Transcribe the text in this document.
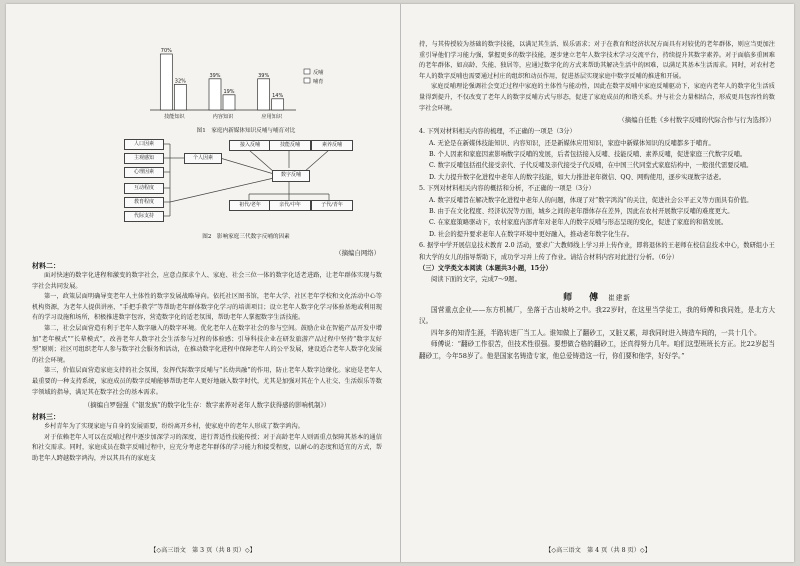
70%
32%
技能知识
39%
19%
内容知识
39%
14%
应用知识
反哺
哺育
图1　家庭内新媒体知识反哺与哺育对比
人口因素
主观感知
心理因素
互动程度
教育程度
代际支持
个人因素
接入反哺	技能反哺	素养反哺
数字反哺
祖代/老年	亲代/中年	子代/青年
图2　影响家庭三代数字反哺的因素
（摘编自网络）

材料二：

面对快速的数字化进程和激变的数字社会，应意点探求个人、家庭、社会三位一体的数字化适老进路，让老年群体实现与数字社会共同发展。

第一，政策层面明确导变老年人主体性的数字发展战略导向。依托社区图书馆，老年大学、社区老年学校和文化活动中心等机构资源，为老年人提供讲座、“手把手教学”等帮助老年群体数字化学习的培训项目；设立老年人数字化学习体验基地或利用现有的学习设施和场所，积极推进数字包容，营造数字化的适老氛围，帮助老年人掌握数字生活技能。

第二，社会层面营造有利于老年人数字融入的数字环境。优化老年人在数字社会的参与空间。鼓励企业在智能产品开发中增加“老年模式”“长辈模式”，改善老年人数字社会生活参与过程的体验感；引导科技企业在研发旅游产品过程中坚持“数字友好型”原则；社区可组织老年人参与数字社会服务和活动，在推动数字化进程中保障老年人的公平发展，建设适合老年人数字化发展的社会环境。

第三，价值层面营造家庭支持的社会氛围，发挥代际数字反哺与“长幼共融”的作用，防止老年人数字边缘化。家庭是老年人最重要的一种支持系统，家庭成员的数字反哺能够帮助老年人更好地融入数字时代，尤其是加强对其在个人社交、生活娱乐等数字领域的指导，满足其在数字社会的基本需求。

（摘编自罗强强《“银发族”的数字化生存：数字素养对老年人数字获得感的影响机制》）

材料三：

乡村青年为了实现家庭与自身的发展需要，纷纷离开乡村，使家庭中的老年人形成了数字鸿沟。

对于依赖老年人可以在反哺过程中逐步加深学习的深度，进行普适性技能传授；对于高龄老年人则需重点保障其基本的通信和社交需求。同时，家庭成员在数字反哺过程中，应充分考虑老年群体的学习能力和接受程度，以耐心的态度和适宜的方式，帮助老年人跨越数字鸿沟，并以其具有的家庭支

【◇高三语文　第 3 页（共 8 页）◇】

持，与其传授较为基础的数字技能，以满足其生活、娱乐需求；对于在教育和经济状况方面具有对较优的老年群体，则应当更加注重引导他们学习能力强，掌握更多的数字技能，逐步建立老年人数字技术学习交流平台，持续提升其数字素养。对于面临多重困难的老年群体，如高龄、失能、独居等，应通过数字化的方式来帮助其解决生活中的困难，以满足其基本生活需求。同时，对农村老年人的数字反哺也需要通过村庄的组织和动员作用，促进基层实现家庭中数字反哺的推进和开展。

家庭反哺理论强调社会变迁过程中家庭的主体性与能动性，因此在数字反哺中家庭反哺驱动下，家庭内老年人的数字化生活质量得到提升，不仅改变了老年人的数字反哺方式与形态，促进了家庭成员的和谐关系。并与社会力量相结合，形成更具包容性的数字社会环境。

（摘编自任胜《乡村数字反哺的代际合作与行为选择》）

4. 下列对材料相关内容的梳理，不正确的一项是（3分）

A. 无论是在新媒体技能知识、内容知识，还是新媒体应用知识，家庭中新媒体知识的反哺都多于哺育。

B. 个人因素和家庭因素影响数字反哺的发展，后者包括接入反哺、技能反哺、素养反哺，促进家庭三代数字反哺。

C. 数字反哺包括祖代接受亲代、子代反哺及亲代接受子代反哺，在中国三代同堂式家庭结构中，一般很代需要反哺。

D. 大力提升数字化进程中老年人的数字技能，如大力推进老年微信、QQ、网购使用，逐步实现数字适老。

5. 下列对材料相关内容的概括和分析，不正确的一项是（3分）

A. 数字反哺旨在解决数字化进程中老年人的问题，体现了对“数字鸿沟”的关注，促进社会公平正义等方面具有价值。

B. 由于在文化程度、经济状况等方面，城乡之间的老年群体存在差异，因此在农村开展数字反哺的难度更大。

C. 在家庭策略驱动下，农村家庭内部青年对老年人的数字反哺与形态呈现的变化，促进了家庭的和谐发展。

D. 社会的提升要求老年人在数字环境中更好融入，推动老年数字化生存。

6. 据学中学开展信息技术教育 2.0 活动，要求广大教师线上学习并上传作业，即将退休的王老师在校信息技术中心，数研组小王和大学的女儿的指导帮助下，成功学习并上传了作业。请结合材料内容对此进行分析。（6分）

（三）文学类文本阅读（本题共3小题，15分）

阅读下面的文字，完成7～9题。

师　傅 崔建新

国营重点企业——东方机械厂，坐落于古山坡岭之中。我22岁时，在这里当学徒工，我的师傅和我同姓，是北方大汉。

四年多的知青生涯，半路转进厂当工人。谁知做上了翻砂工，又脏又累，却我同时进入铸造车间的，一共十几个。

师傅说：“翻砂工作很苦，但技术性很强。要想做合格的翻砂工，还真得努力几年。咱们这型班班长方正。比22岁起当翻砂工，今年58岁了。他是国家名铸造专家，他总爱铸造这一行，你们要和他学，好好学。”

【◇高三语文　第 4 页（共 8 页）◇】
